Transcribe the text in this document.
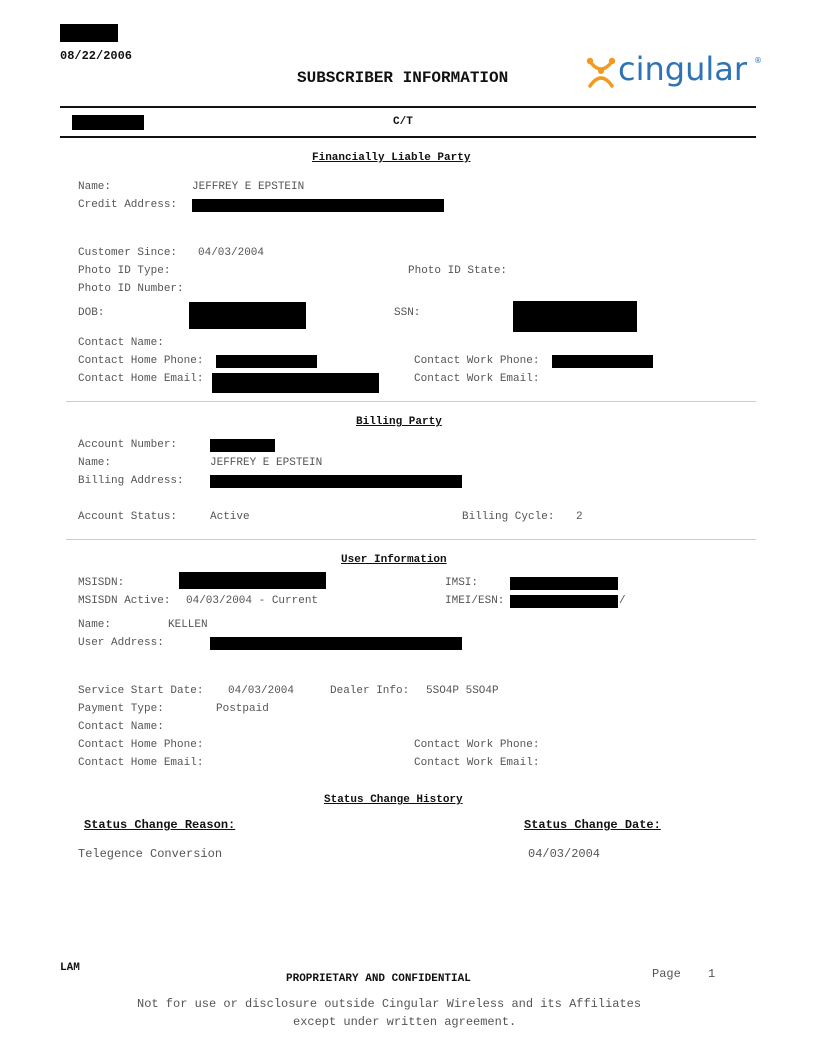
08/22/2006
SUBSCRIBER INFORMATION	cingular ®
C/T
Financially Liable Party
Name:	JEFFREY E EPSTEIN
Credit Address:
Customer Since: 04/03/2004
Photo ID Type:	Photo ID State:
Photo ID Number:
DOB:	SSN:
Contact Name:
Contact Home Phone:	Contact Work Phone:
Contact Home Email:	Contact Work Email:
Billing Party
Account Number:
Name:	JEFFREY E EPSTEIN
Billing Address:
Account Status:	Active	Billing Cycle: 2
User Information
MSISDN:	IMSI:
MSISDN Active: 04/03/2004 - Current	IMEI/ESN:	/
Name:	KELLEN
User Address:
Service Start Date: 04/03/2004	Dealer Info: 5SO4P 5SO4P
Payment Type:	Postpaid
Contact Name:
Contact Home Phone:	Contact Work Phone:
Contact Home Email:	Contact Work Email:
Status Change History
Status Change Reason:	Status Change Date:
Telegence Conversion	04/03/2004
LAM
PROPRIETARY AND CONFIDENTIAL	Page 1
Not for use or disclosure outside Cingular Wireless and its Affiliates
except under written agreement.
